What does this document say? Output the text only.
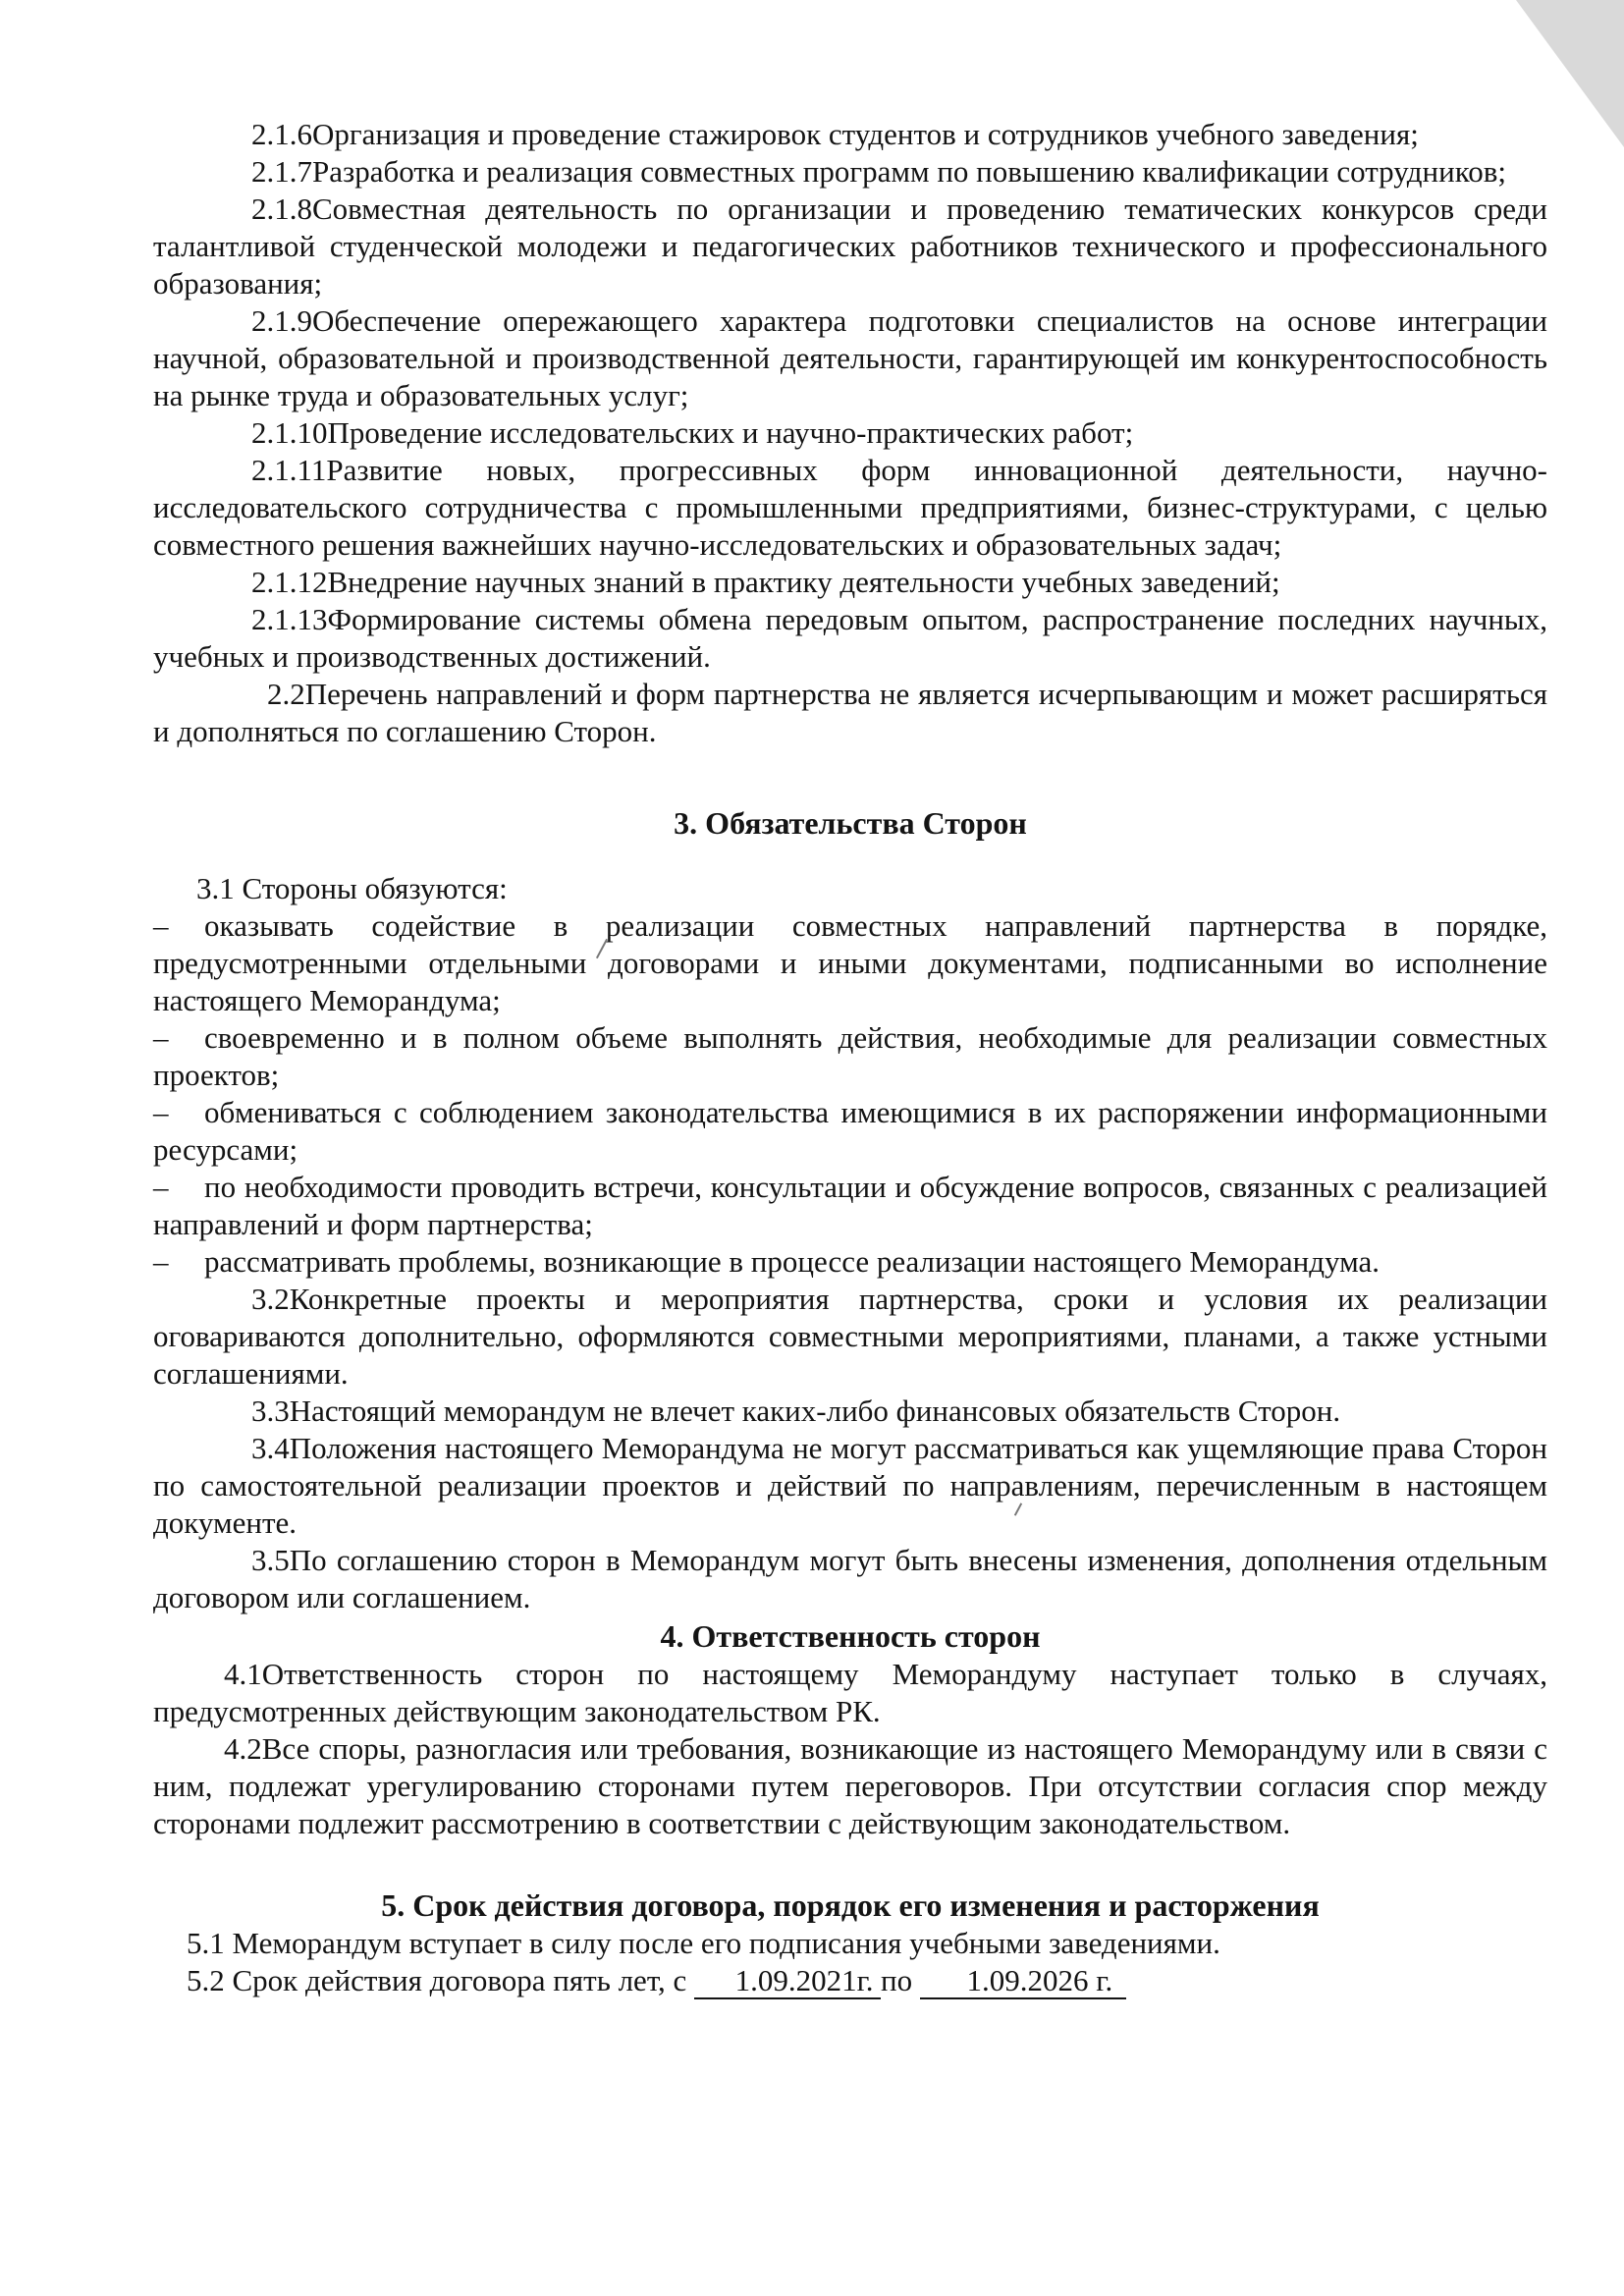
2.1.6Организация и проведение стажировок студентов и сотрудников учебного заведения;

2.1.7Разработка и реализация совместных программ по повышению квалификации сотрудников;

2.1.8Совместная деятельность по организации и проведению тематических конкурсов среди талантливой студенческой молодежи и педагогических работников технического и профессионального образования;

2.1.9Обеспечение опережающего характера подготовки специалистов на основе интеграции научной, образовательной и производственной деятельности, гарантирующей им конкурентоспособность на рынке труда и образовательных услуг;

2.1.10Проведение исследовательских и научно-практических работ;

2.1.11Развитие новых, прогрессивных форм инновационной деятельности, научно-исследовательского сотрудничества с промышленными предприятиями, бизнес-структурами, с целью совместного решения важнейших научно-исследовательских и образовательных задач;

2.1.12Внедрение научных знаний в практику деятельности учебных заведений;

2.1.13Формирование системы обмена передовым опытом, распространение последних научных, учебных и производственных достижений.

2.2Перечень направлений и форм партнерства не является исчерпывающим и может расширяться и дополняться по соглашению Сторон.

3. Обязательства Сторон

3.1 Стороны обязуются:

– оказывать содействие в реализации совместных направлений партнерства в порядке, предусмотренными отдельными договорами и иными документами, подписанными во исполнение настоящего Меморандума;

– своевременно и в полном объеме выполнять действия, необходимые для реализации совместных проектов;

– обмениваться с соблюдением законодательства имеющимися в их распоряжении информационными ресурсами;

– по необходимости проводить встречи, консультации и обсуждение вопросов, связанных с реализацией направлений и форм партнерства;

– рассматривать проблемы, возникающие в процессе реализации настоящего Меморандума.

3.2Конкретные проекты и мероприятия партнерства, сроки и условия их реализации оговариваются дополнительно, оформляются совместными мероприятиями, планами, а также устными соглашениями.

3.3Настоящий меморандум не влечет каких-либо финансовых обязательств Сторон.

3.4Положения настоящего Меморандума не могут рассматриваться как ущемляющие права Сторон по самостоятельной реализации проектов и действий по направлениям, перечисленным в настоящем документе.

3.5По соглашению сторон в Меморандум могут быть внесены изменения, дополнения отдельным договором или соглашением.

4. Ответственность сторон

4.1Ответственность сторон по настоящему Меморандуму наступает только в случаях, предусмотренных действующим законодательством РК.

4.2Все споры, разногласия или требования, возникающие из настоящего Меморандуму или в связи с ним, подлежат урегулированию сторонами путем переговоров. При отсутствии согласия спор между сторонами подлежит рассмотрению в соответствии с действующим законодательством.

5. Срок действия договора, порядок его изменения и расторжения

5.1 Меморандум вступает в силу после его подписания учебными заведениями.

5.2 Срок действия договора пять лет, с 1.09.2021г. по 1.09.2026 г.
